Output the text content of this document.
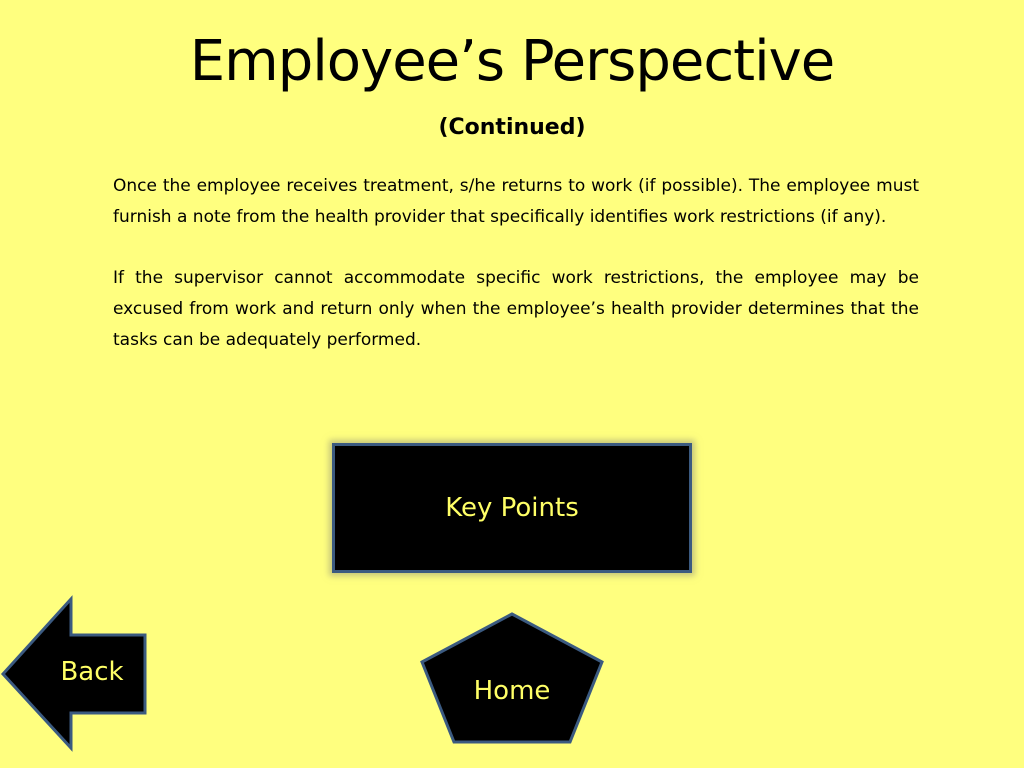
Employee’s Perspective
(Continued)

Once the employee receives treatment, s/he returns to work (if possible). The employee must furnish a note from the health provider that specifically identifies work restrictions (if any).

If the supervisor cannot accommodate specific work restrictions, the employee may be excused from work and return only when the employee’s health provider determines that the tasks can be adequately performed.

Key Points
Back
Home
